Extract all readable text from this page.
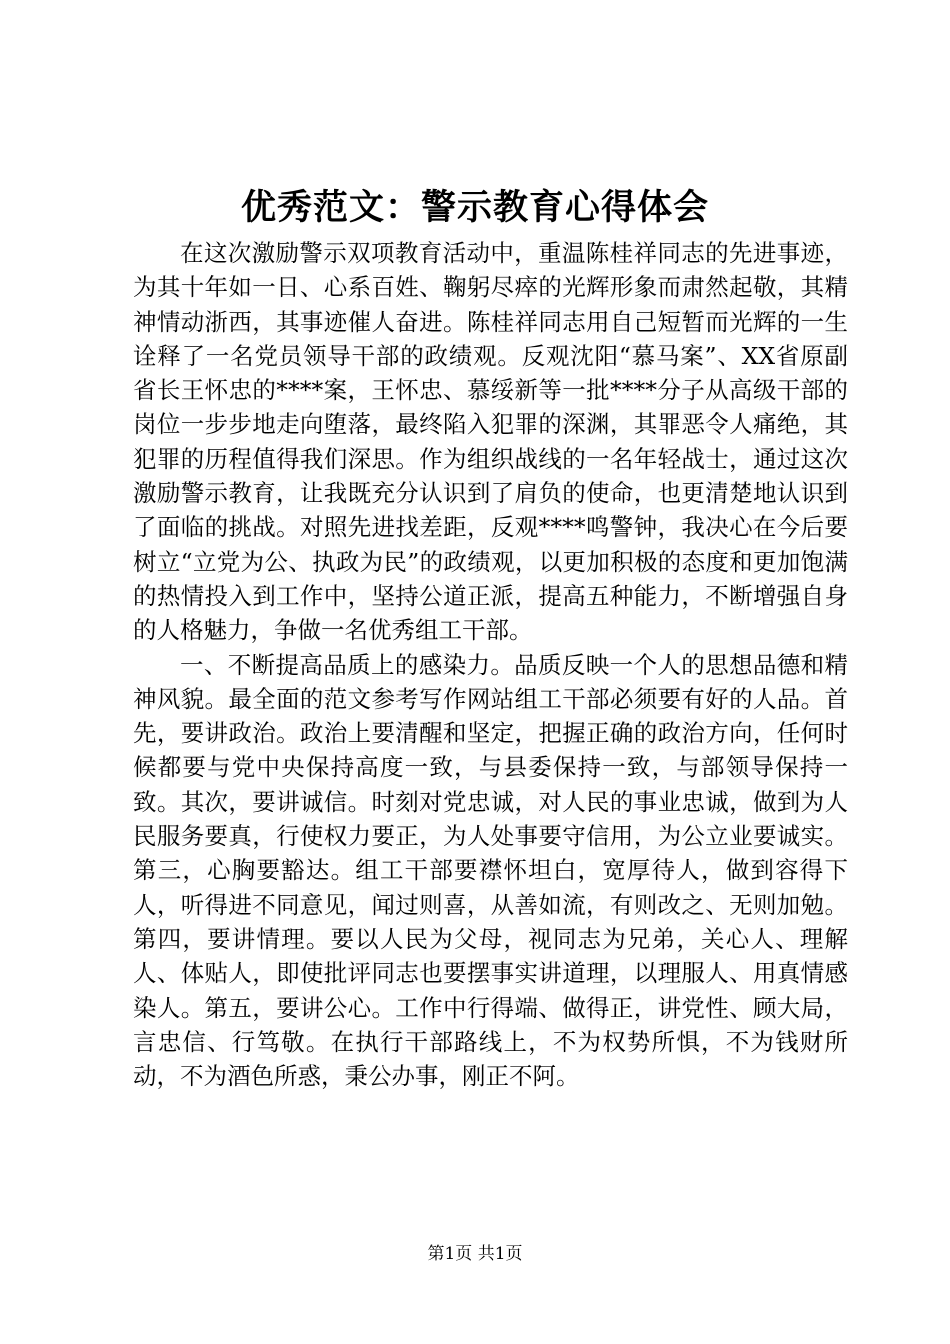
优秀范文：警示教育心得体会

在这次激励警示双项教育活动中，重温陈桂祥同志的先进事迹，为其十年如一日、心系百姓、鞠躬尽瘁的光辉形象而肃然起敬，其精神情动浙西，其事迹催人奋进。陈桂祥同志用自己短暂而光辉的一生诠释了一名党员领导干部的政绩观。反观沈阳“慕马案”、XX省原副省长王怀忠的****案，王怀忠、慕绥新等一批****分子从高级干部的岗位一步步地走向堕落，最终陷入犯罪的深渊，其罪恶令人痛绝，其犯罪的历程值得我们深思。作为组织战线的一名年轻战士，通过这次激励警示教育，让我既充分认识到了肩负的使命，也更清楚地认识到了面临的挑战。对照先进找差距，反观****鸣警钟，我决心在今后要树立“立党为公、执政为民”的政绩观，以更加积极的态度和更加饱满的热情投入到工作中，坚持公道正派，提高五种能力，不断增强自身的人格魅力，争做一名优秀组工干部。

一、不断提高品质上的感染力。品质反映一个人的思想品德和精神风貌。最全面的范文参考写作网站组工干部必须要有好的人品。首先，要讲政治。政治上要清醒和坚定，把握正确的政治方向，任何时候都要与党中央保持高度一致，与县委保持一致，与部领导保持一致。其次，要讲诚信。时刻对党忠诚，对人民的事业忠诚，做到为人民服务要真，行使权力要正，为人处事要守信用，为公立业要诚实。第三，心胸要豁达。组工干部要襟怀坦白，宽厚待人，做到容得下人，听得进不同意见，闻过则喜，从善如流，有则改之、无则加勉。第四，要讲情理。要以人民为父母，视同志为兄弟，关心人、理解人、体贴人，即使批评同志也要摆事实讲道理，以理服人、用真情感染人。第五，要讲公心。工作中行得端、做得正，讲党性、顾大局，言忠信、行笃敬。在执行干部路线上，不为权势所惧，不为钱财所动，不为酒色所惑，秉公办事，刚正不阿。

第1页 共1页
